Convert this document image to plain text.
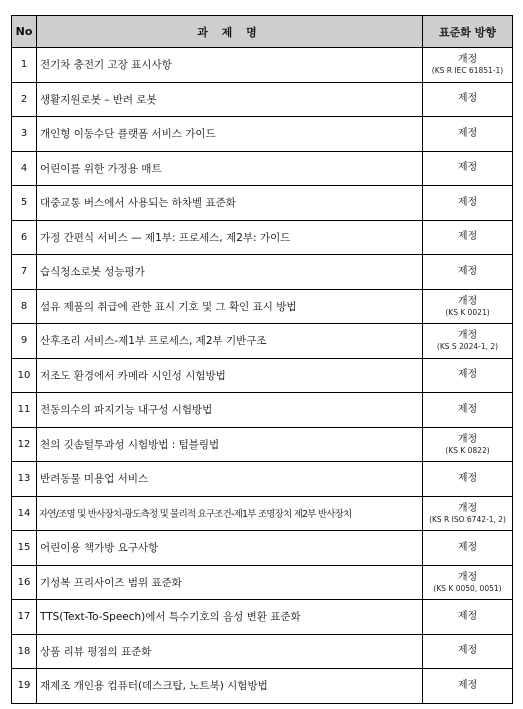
No	과 제 명	표준화 방향
1	전기차 충전기 고장 표시사항	개정
(KS R IEC 61851-1)

2	생활지원로봇 – 반려 로봇	제정

3	개인형 이동수단 플랫폼 서비스 가이드	제정

4	어린이를 위한 가정용 매트	제정

5	대중교통 버스에서 사용되는 하차벨 표준화	제정

6	가정 간편식 서비스 — 제1부: 프로세스, 제2부: 가이드	제정

7	습식청소로봇 성능평가	제정

8	섬유 제품의 취급에 관한 표시 기호 및 그 확인 표시 방법	개정
(KS K 0021)

9	산후조리 서비스-제1부 프로세스, 제2부 기반구조	개정
(KS S 2024-1, 2)

10	저조도 환경에서 카메라 시인성 시험방법	제정

11	전동의수의 파지기능 내구성 시험방법	제정

12	천의 깃솜털투과성 시험방법 : 텀블링법	개정
(KS K 0822)

13	반려동물 미용업 서비스	제정

14	자연/조명 및 반사장치-광도측정 및 물리적 요구조건-제1부 조명장치 제2부 반사장치	개정
(KS R ISO 6742-1, 2)

15	어린이용 책가방 요구사항	제정

16	기성복 프리사이즈 범위 표준화	개정
(KS K 0050, 0051)

17	TTS(Text-To-Speech)에서 특수기호의 음성 변환 표준화	제정

18	상품 리뷰 평점의 표준화	제정

19	재제조 개인용 컴퓨터(데스크탑, 노트북) 시험방법	제정
